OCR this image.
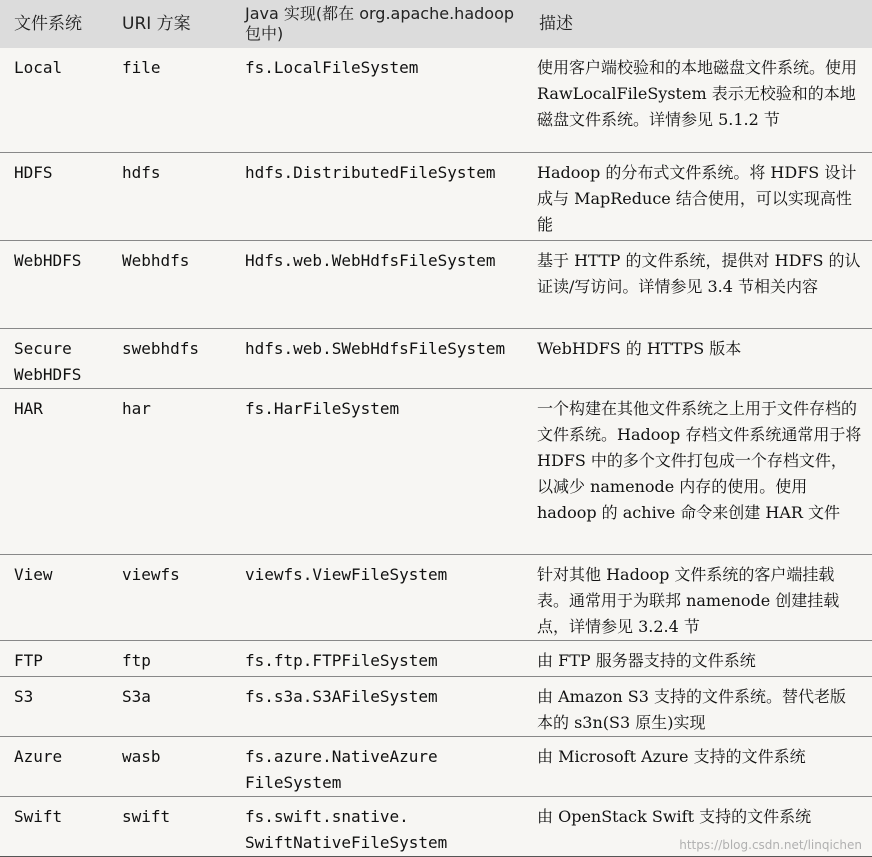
文件系统	URI 方案	Java 实现(都在 org.apache.hadoop 包中)	描述
Local	file	fs.LocalFileSystem	使用客户端校验和的本地磁盘文件系统。使用 RawLocalFileSystem 表示无校验和的本地磁盘文件系统。详情参见 5.1.2 节
HDFS	hdfs	hdfs.DistributedFileSystem	Hadoop 的分布式文件系统。将 HDFS 设计成与 MapReduce 结合使用，可以实现高性能
WebHDFS	Webhdfs	Hdfs.web.WebHdfsFileSystem	基于 HTTP 的文件系统，提供对 HDFS 的认证读/写访问。详情参见 3.4 节相关内容
Secure WebHDFS	swebhdfs	hdfs.web.SWebHdfsFileSystem	WebHDFS 的 HTTPS 版本
HAR	har	fs.HarFileSystem	一个构建在其他文件系统之上用于文件存档的文件系统。Hadoop 存档文件系统通常用于将 HDFS 中的多个文件打包成一个存档文件，以减少 namenode 内存的使用。使用 hadoop 的 achive 命令来创建 HAR 文件
View	viewfs	viewfs.ViewFileSystem	针对其他 Hadoop 文件系统的客户端挂载表。通常用于为联邦 namenode 创建挂载点，详情参见 3.2.4 节
FTP	ftp	fs.ftp.FTPFileSystem	由 FTP 服务器支持的文件系统
S3	S3a	fs.s3a.S3AFileSystem	由 Amazon S3 支持的文件系统。替代老版本的 s3n(S3 原生)实现
Azure	wasb	fs.azure.NativeAzure FileSystem	由 Microsoft Azure 支持的文件系统
Swift	swift	fs.swift.snative. SwiftNativeFileSystem	由 OpenStack Swift 支持的文件系统
https://blog.csdn.net/linqichen
